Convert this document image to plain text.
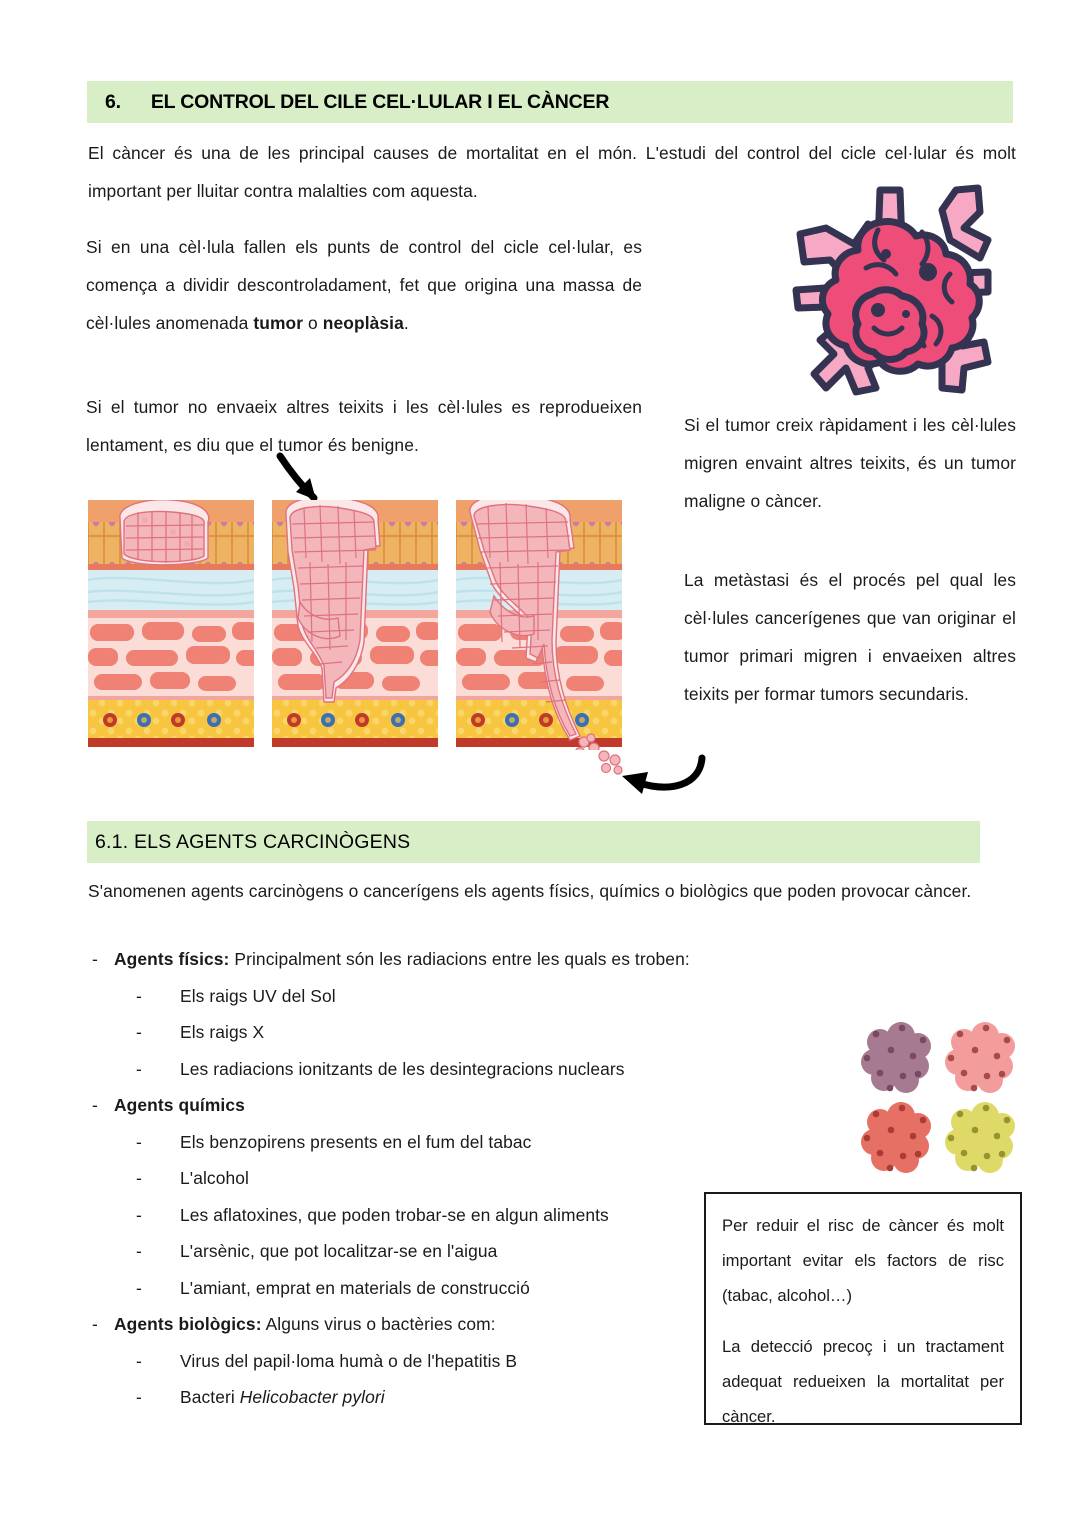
6. EL CONTROL DEL CILE CEL·LULAR I EL CÀNCER
El càncer és una de les principal causes de mortalitat en el món. L'estudi del control del cicle cel·lular és molt important per lluitar contra malalties com aquesta.
Si en una cèl·lula fallen els punts de control del cicle cel·lular, es comença a dividir descontroladament, fet que origina una massa de cèl·lules anomenada tumor o neoplàsia.
Si el tumor no envaeix altres teixits i les cèl·lules es reprodueixen lentament, es diu que el tumor és benigne.
Si el tumor creix ràpidament i les cèl·lules migren envaint altres teixits, és un tumor maligne o càncer.
La metàstasi és el procés pel qual les cèl·lules cancerígenes que van originar el tumor primari migren i envaeixen altres teixits per formar tumors secundaris.
6.1. ELS AGENTS CARCINÒGENS
S'anomenen agents carcinògens o cancerígens els agents físics, químics o biològics que poden provocar càncer.
- Agents físics: Principalment són les radiacions entre les quals es troben:
-	Els raigs UV del Sol
-	Els raigs X
-	Les radiacions ionitzants de les desintegracions nuclears
- Agents químics
-	Els benzopirens presents en el fum del tabac
-	L'alcohol
-	Les aflatoxines, que poden trobar-se en algun aliments
-	L'arsènic, que pot localitzar-se en l'aigua
-	L'amiant, emprat en materials de construcció
- Agents biològics: Alguns virus o bactèries com:
-	Virus del papil·loma humà o de l'hepatitis B
-	Bacteri Helicobacter pylori

Per reduir el risc de càncer és molt important evitar els factors de risc (tabac, alcohol…)

La detecció precoç i un tractament adequat redueixen la mortalitat per càncer.
